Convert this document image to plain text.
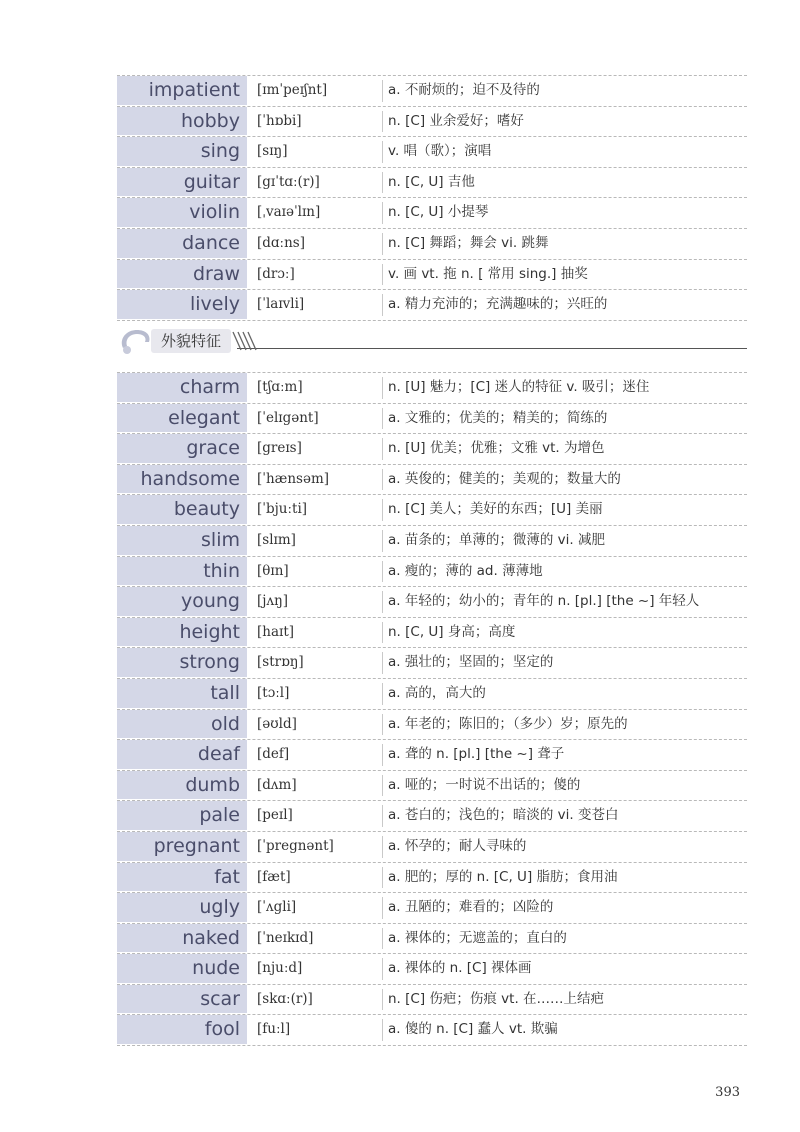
impatient	[ɪmˈpeɪʃnt]	a. 不耐烦的；迫不及待的
hobby	[ˈhɒbi]	n. [C] 业余爱好；嗜好
sing	[sɪŋ]	v. 唱（歌）；演唱
guitar	[gɪˈtɑː(r)]	n. [C, U] 吉他
violin	[ˌvaɪəˈlɪn]	n. [C, U] 小提琴
dance	[dɑːns]	n. [C] 舞蹈；舞会 vi. 跳舞
draw	[drɔː]	v. 画 vt. 拖 n. [ 常用 sing.] 抽奖
lively	[ˈlaɪvli]	a. 精力充沛的；充满趣味的；兴旺的
外貌特征
charm	[tʃɑːm]	n. [U] 魅力；[C] 迷人的特征 v. 吸引；迷住
elegant	[ˈelɪgənt]	a. 文雅的；优美的；精美的；简练的
grace	[greɪs]	n. [U] 优美；优雅；文雅 vt. 为增色
handsome	[ˈhænsəm]	a. 英俊的；健美的；美观的；数量大的
beauty	[ˈbjuːti]	n. [C] 美人；美好的东西；[U] 美丽
slim	[slɪm]	a. 苗条的；单薄的；微薄的 vi. 减肥
thin	[θɪn]	a. 瘦的；薄的 ad. 薄薄地
young	[jʌŋ]	a. 年轻的；幼小的；青年的 n. [pl.] [the ~] 年轻人
height	[haɪt]	n. [C, U] 身高；高度
strong	[strɒŋ]	a. 强壮的；坚固的；坚定的
tall	[tɔːl]	a. 高的，高大的
old	[əʊld]	a. 年老的；陈旧的；（多少）岁；原先的
deaf	[def]	a. 聋的 n. [pl.] [the ~] 聋子
dumb	[dʌm]	a. 哑的；一时说不出话的；傻的
pale	[peɪl]	a. 苍白的；浅色的；暗淡的 vi. 变苍白
pregnant	[ˈpregnənt]	a. 怀孕的；耐人寻味的
fat	[fæt]	a. 肥的；厚的 n. [C, U] 脂肪；食用油
ugly	[ˈʌgli]	a. 丑陋的；难看的；凶险的
naked	[ˈneɪkɪd]	a. 裸体的；无遮盖的；直白的
nude	[njuːd]	a. 裸体的 n. [C] 裸体画
scar	[skɑː(r)]	n. [C] 伤疤；伤痕 vt. 在……上结疤
fool	[fuːl]	a. 傻的 n. [C] 蠢人 vt. 欺骗
393
